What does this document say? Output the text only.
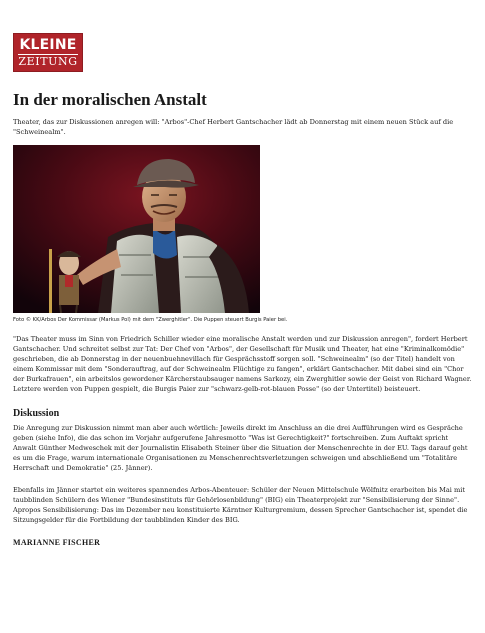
KLEINE
ZEITUNG
In der moralischen Anstalt

Theater, das zur Diskussionen anregen will: "Arbos"-Chef Herbert Gantschacher lädt ab Donnerstag mit einem neuen Stück auf die "Schweinealm".

Foto © KK/Arbos Der Kommissar (Markus Pol) mit dem "Zwerghitler". Die Puppen steuert Burgis Paier bei.

"Das Theater muss im Sinn von Friedrich Schiller wieder eine moralische Anstalt werden und zur Diskussion anregen", fordert Herbert Gantschacher. Und schreitet selbst zur Tat: Der Chef von "Arbos", der Gesellschaft für Musik und Theater, hat eine "Kriminalkomödie" geschrieben, die ab Donnerstag in der neuenbuehnevillach für Gesprächsstoff sorgen soll. "Schweinealm" (so der Titel) handelt von einem Kommissar mit dem "Sonderauftrag, auf der Schweinealm Flüchtige zu fangen", erklärt Gantschacher. Mit dabei sind ein "Chor der Burkafrauen", ein arbeitslos gewordener Kärcherstaubsauger namens Sarkozy, ein Zwerghitler sowie der Geist von Richard Wagner. Letztere werden von Puppen gespielt, die Burgis Paier zur "schwarz-gelb-rot-blauen Posse" (so der Untertitel) beisteuert.

Diskussion

Die Anregung zur Diskussion nimmt man aber auch wörtlich: Jeweils direkt im Anschluss an die drei Aufführungen wird es Gespräche geben (siehe Info), die das schon im Vorjahr aufgerufene Jahresmotto "Was ist Gerechtigkeit?" fortschreiben. Zum Auftakt spricht Anwalt Günther Medweschek mit der Journalistin Elisabeth Steiner über die Situation der Menschenrechte in der EU. Tags darauf geht es um die Frage, warum internationale Organisationen zu Menschenrechtsverletzungen schweigen und abschließend um "Totalitäre Herrschaft und Demokratie" (25. Jänner).

Ebenfalls im Jänner startet ein weiteres spannendes Arbos-Abenteuer: Schüler der Neuen Mittelschule Wölfnitz erarbeiten bis Mai mit taubblinden Schülern des Wiener "Bundesinstituts für Gehörlosenbildung" (BIG) ein Theaterprojekt zur "Sensibilisierung der Sinne". Apropos Sensibilisierung: Das im Dezember neu konstituierte Kärntner Kulturgremium, dessen Sprecher Gantschacher ist, spendet die Sitzungsgelder für die Fortbildung der taubblinden Kinder des BIG.

MARIANNE FISCHER
